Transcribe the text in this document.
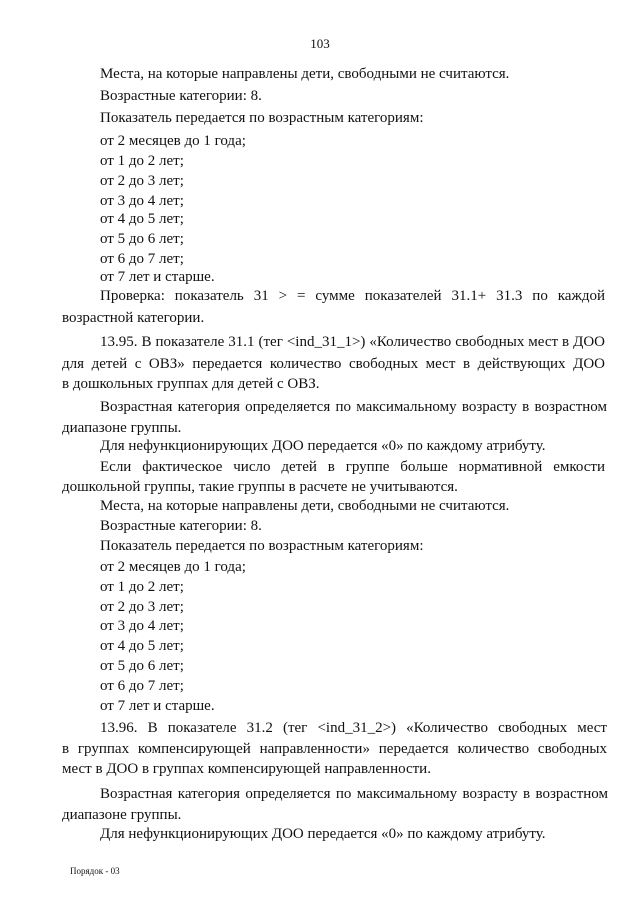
103
Места, на которые направлены дети, свободными не считаются.
Возрастные категории: 8.
Показатель передается по возрастным категориям:
от 2 месяцев до 1 года;
от 1 до 2 лет;
от 2 до 3 лет;
от 3 до 4 лет;
от 4 до 5 лет;
от 5 до 6 лет;
от 6 до 7 лет;
от 7 лет и старше.
Проверка: показатель 31 > = сумме показателей 31.1+ 31.3 по каждой
возрастной категории.
13.95. В показателе 31.1 (тег <ind_31_1>) «Количество свободных мест в ДОО
для детей с ОВЗ» передается количество свободных мест в действующих ДОО
в дошкольных группах для детей с ОВЗ.
Возрастная категория определяется по максимальному возрасту в возрастном
диапазоне группы.
Для нефункционирующих ДОО передается «0» по каждому атрибуту.
Если фактическое число детей в группе больше нормативной емкости
дошкольной группы, такие группы в расчете не учитываются.
Места, на которые направлены дети, свободными не считаются.
Возрастные категории: 8.
Показатель передается по возрастным категориям:
от 2 месяцев до 1 года;
от 1 до 2 лет;
от 2 до 3 лет;
от 3 до 4 лет;
от 4 до 5 лет;
от 5 до 6 лет;
от 6 до 7 лет;
от 7 лет и старше.
13.96. В показателе 31.2 (тег <ind_31_2>) «Количество свободных мест
в группах компенсирующей направленности» передается количество свободных
мест в ДОО в группах компенсирующей направленности.
Возрастная категория определяется по максимальному возрасту в возрастном
диапазоне группы.
Для нефункционирующих ДОО передается «0» по каждому атрибуту.
Порядок - 03
